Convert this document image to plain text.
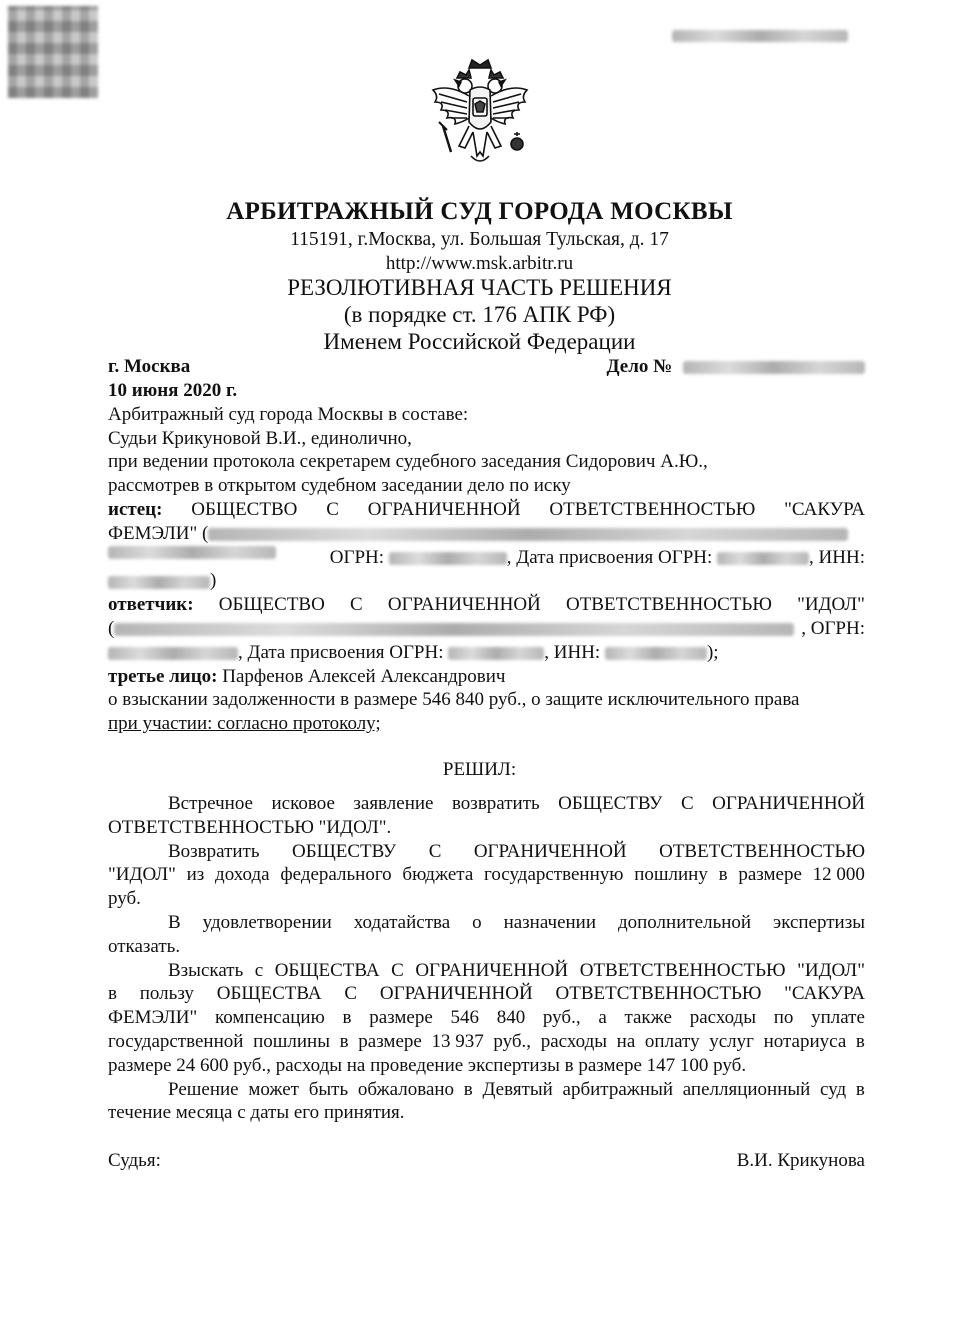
АРБИТРАЖНЫЙ СУД ГОРОДА МОСКВЫ
115191, г.Москва, ул. Большая Тульская, д. 17
http://www.msk.arbitr.ru
РЕЗОЛЮТИВНАЯ ЧАСТЬ РЕШЕНИЯ
(в порядке ст. 176 АПК РФ)
Именем Российской Федерации
г. Москва	Дело №
10 июня 2020 г.
Арбитражный суд города Москвы в составе:
Судьи Крикуновой В.И., единолично,
при ведении протокола секретарем судебного заседания Сидорович А.Ю.,
рассмотрев в открытом судебном заседании дело по иску
истец: ОБЩЕСТВО С ОГРАНИЧЕННОЙ ОТВЕТСТВЕННОСТЬЮ "САКУРА
ФЕМЭЛИ" (
ОГРН:	, Дата присвоения ОГРН:	, ИНН:
)
ответчик: ОБЩЕСТВО С ОГРАНИЧЕННОЙ ОТВЕТСТВЕННОСТЬЮ "ИДОЛ"
(	, ОГРН:
, Дата присвоения ОГРН:	, ИНН:	);
третье лицо: Парфенов Алексей Александрович
о взыскании задолженности в размере 546 840 руб., о защите исключительного права
при участии: согласно протоколу;
РЕШИЛ:
Встречное исковое заявление возвратить ОБЩЕСТВУ С ОГРАНИЧЕННОЙ
ОТВЕТСТВЕННОСТЬЮ "ИДОЛ".
Возвратить ОБЩЕСТВУ С ОГРАНИЧЕННОЙ ОТВЕТСТВЕННОСТЬЮ
"ИДОЛ" из дохода федерального бюджета государственную пошлину в размере 12 000
руб.
В удовлетворении ходатайства о назначении дополнительной экспертизы
отказать.
Взыскать с ОБЩЕСТВА С ОГРАНИЧЕННОЙ ОТВЕТСТВЕННОСТЬЮ "ИДОЛ"
в пользу ОБЩЕСТВА С ОГРАНИЧЕННОЙ ОТВЕТСТВЕННОСТЬЮ "САКУРА
ФЕМЭЛИ" компенсацию в размере 546 840 руб., а также расходы по уплате
государственной пошлины в размере 13 937 руб., расходы на оплату услуг нотариуса в
размере 24 600 руб., расходы на проведение экспертизы в размере 147 100 руб.
Решение может быть обжаловано в Девятый арбитражный апелляционный суд в
течение месяца с даты его принятия.
Судья:	В.И. Крикунова
